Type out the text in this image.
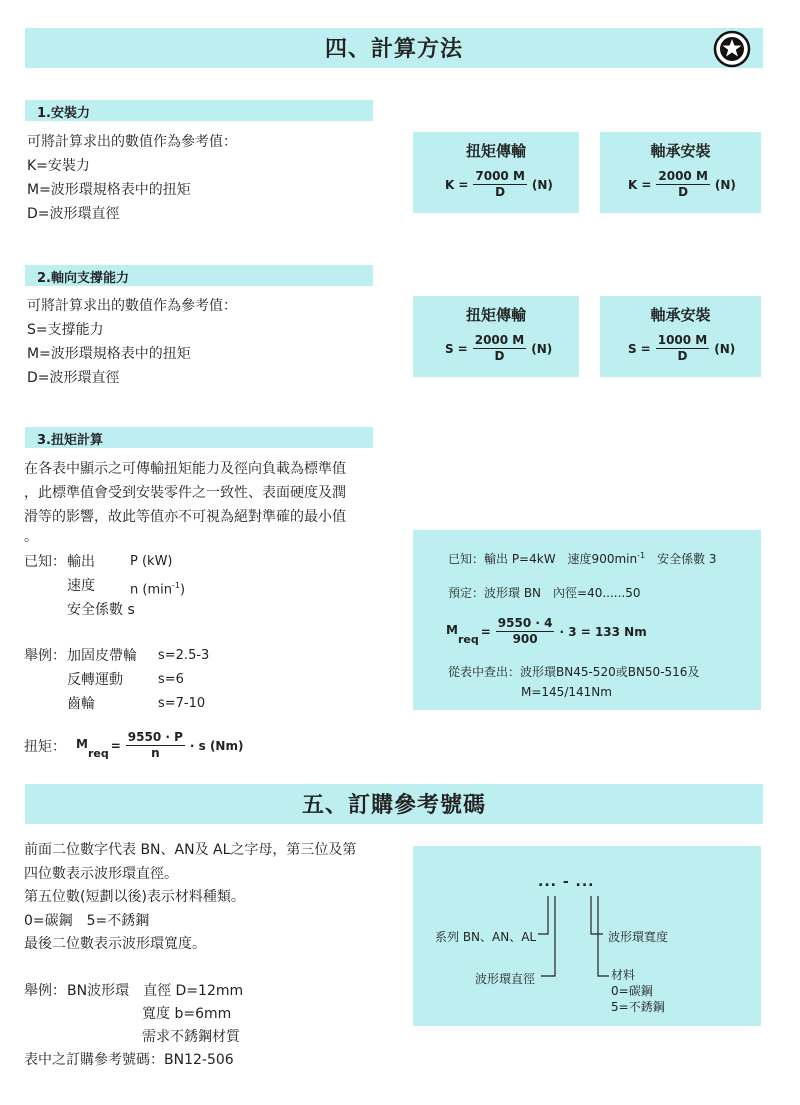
四、計算方法
1.安裝力
可將計算求出的數值作為參考值：
K=安裝力
M=波形環規格表中的扭矩
D=波形環直徑
扭矩傳輸
$K = \frac{7000 M}{D} (N)$
軸承安裝
$K = \frac{2000 M}{D} (N)$
2.軸向支撐能力
可將計算求出的數值作為參考值：
S=支撐能力
M=波形環規格表中的扭矩
D=波形環直徑
扭矩傳輸
$S = \frac{2000 M}{D} (N)$
軸承安裝
$S = \frac{1000 M}{D} (N)$
3.扭矩計算
在各表中顯示之可傳輸扭矩能力及徑向負載為標準值
，此標準值會受到安裝零件之一致性、表面硬度及潤
滑等的影響，故此等值亦不可視為絕對準確的最小值
。
已知： 輸出	P (kW)
速度	n $(\min^{-1})$
安全係數 s
舉例： 加固皮帶輪 s=2.5-3
反轉運動	s=6
齒輪	s=7-10
扭矩： $M_{req}$
= $\frac{9550 \cdot P}{n} \cdot s$ (Nm)
已知：輸出 P=4kW　速度$900\min^{-1}$　安全係數 3
預定：波形環 BN　內徑=40......50
$M_{req}$
= $\frac{9550 \cdot 4}{900} \cdot 3 = 133$ Nm
從表中查出：波形環BN45-520或BN50-516及
M=145/141Nm
五、訂購參考號碼
前面二位數字代表 BN、AN及 AL之字母，第三位及第
四位數表示波形環直徑。
第五位數(短劃以後)表示材料種類。
0=碳鋼　5=不銹鋼
最後二位數表示波形環寬度。
舉例： BN波形環　直徑 D=12mm
寬度 b=6mm
需求不銹鋼材質
表中之訂購參考號碼：BN12-506
... - ...
系列 BN、AN、AL
波形環直徑
波形環寬度
材料
0=碳鋼
5=不銹鋼
